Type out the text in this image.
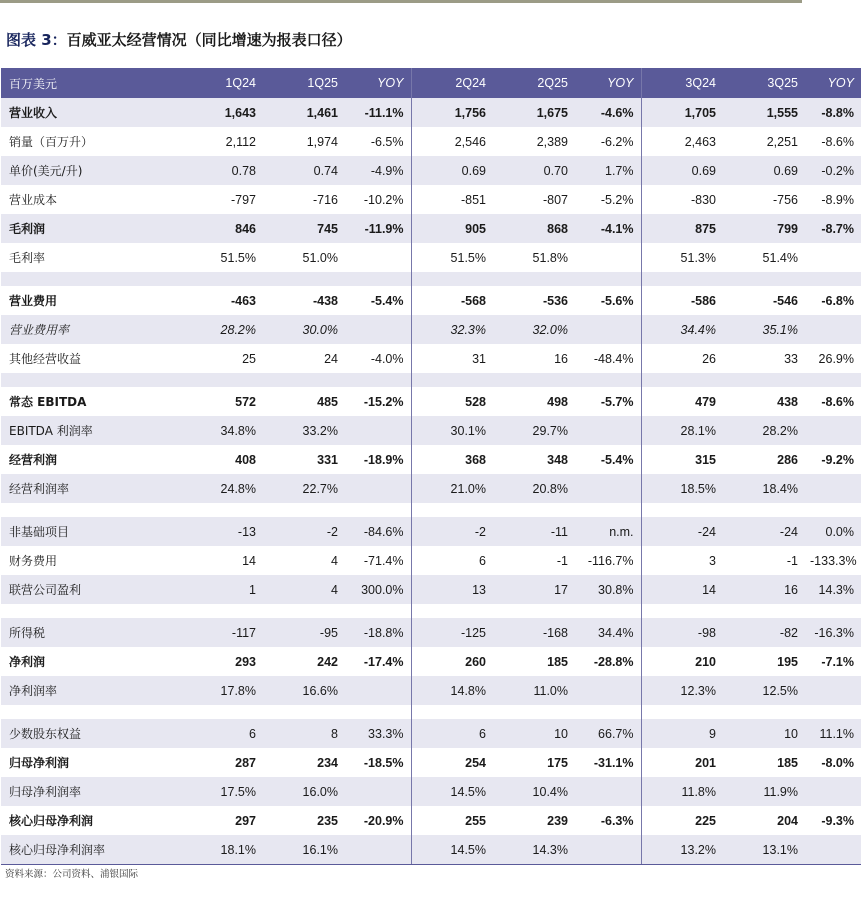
图表 3：百威亚太经营情况（同比增速为报表口径）
百万美元	1Q24	1Q25	YOY	2Q24	2Q25	YOY	3Q24	3Q25	YOY
营业收入	1,643	1,461	-11.1%	1,756	1,675	-4.6%	1,705	1,555	-8.8%
销量（百万升）	2,112	1,974	-6.5%	2,546	2,389	-6.2%	2,463	2,251	-8.6%
单价(美元/升)	0.78	0.74	-4.9%	0.69	0.70	1.7%	0.69	0.69	-0.2%
营业成本	-797	-716	-10.2%	-851	-807	-5.2%	-830	-756	-8.9%
毛利润	846	745	-11.9%	905	868	-4.1%	875	799	-8.7%
毛利率	51.5%	51.0%		51.5%	51.8%		51.3%	51.4%	

营业费用	-463	-438	-5.4%	-568	-536	-5.6%	-586	-546	-6.8%
营业费用率	28.2%	30.0%		32.3%	32.0%		34.4%	35.1%	
其他经营收益	25	24	-4.0%	31	16	-48.4%	26	33	26.9%

常态 EBITDA	572	485	-15.2%	528	498	-5.7%	479	438	-8.6%
EBITDA 利润率	34.8%	33.2%		30.1%	29.7%		28.1%	28.2%	
经营利润	408	331	-18.9%	368	348	-5.4%	315	286	-9.2%
经营利润率	24.8%	22.7%		21.0%	20.8%		18.5%	18.4%	

非基础项目	-13	-2	-84.6%	-2	-11	n.m.	-24	-24	0.0%
财务费用	14	4	-71.4%	6	-1	-116.7%	3	-1	-133.3%
联营公司盈利	1	4	300.0%	13	17	30.8%	14	16	14.3%

所得税	-117	-95	-18.8%	-125	-168	34.4%	-98	-82	-16.3%
净利润	293	242	-17.4%	260	185	-28.8%	210	195	-7.1%
净利润率	17.8%	16.6%		14.8%	11.0%		12.3%	12.5%	

少数股东权益	6	8	33.3%	6	10	66.7%	9	10	11.1%
归母净利润	287	234	-18.5%	254	175	-31.1%	201	185	-8.0%
归母净利润率	17.5%	16.0%		14.5%	10.4%		11.8%	11.9%	
核心归母净利润	297	235	-20.9%	255	239	-6.3%	225	204	-9.3%
核心归母净利润率	18.1%	16.1%		14.5%	14.3%		13.2%	13.1%	
资料来源：公司资料、浦银国际
